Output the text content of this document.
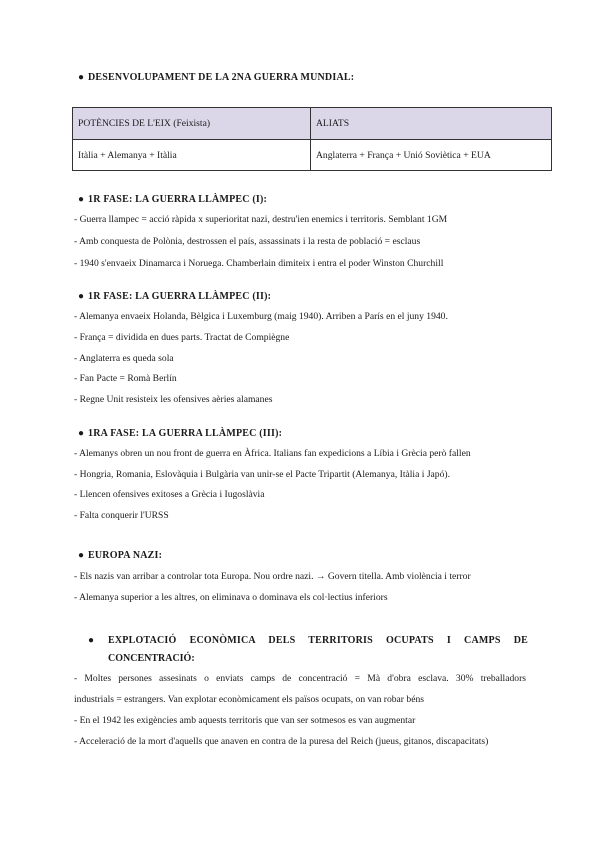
● DESENVOLUPAMENT DE LA 2NA GUERRA MUNDIAL:
POTÈNCIES DE L'EIX (Feixista)	ALIATS
Itàlia + Alemanya + Itàlia	Anglaterra + França + Unió Soviètica + EUA
● 1R FASE: LA GUERRA LLÀMPEC (I):
- Guerra llampec = acció ràpida x superioritat nazi, destru'ien enemics i territoris. Semblant 1GM
- Amb conquesta de Polònia, destrossen el país, assassinats i la resta de població = esclaus
- 1940 s'envaeix Dinamarca i Noruega. Chamberlain dimiteix i entra el poder Winston Churchill
● 1R FASE: LA GUERRA LLÀMPEC (II):
- Alemanya envaeix Holanda, Bèlgica i Luxemburg (maig 1940). Arriben a París en el juny 1940.
- França = dividida en dues parts. Tractat de Compiègne
- Anglaterra es queda sola
- Fan Pacte = Romà Berlín
- Regne Unit resisteix les ofensives aèries alamanes
● 1RA FASE: LA GUERRA LLÀMPEC (III):
- Alemanys obren un nou front de guerra en Àfrica. Italians fan expedicions a Líbia i Grècia però fallen
- Hongria, Romania, Eslovàquia i Bulgària van unir-se el Pacte Tripartit (Alemanya, Itàlia i Japó).
- Llencen ofensives exitoses a Grècia i Iugoslàvia
- Falta conquerir l'URSS
● EUROPA NAZI:
- Els nazis van arribar a controlar tota Europa. Nou ordre nazi. → Govern titella. Amb violència i terror
- Alemanya superior a les altres, on eliminava o dominava els col·lectius inferiors
● EXPLOTACIÓ ECONÒMICA DELS TERRITORIS OCUPATS I CAMPS DE
CONCENTRACIÓ:
- Moltes persones assesinats o enviats camps de concentració = Mà d'obra esclava. 30% treballadors
industrials = estrangers. Van explotar econòmicament els països ocupats, on van robar béns
- En el 1942 les exigències amb aquests territoris que van ser sotmesos es van augmentar
- Acceleració de la mort d'aquells que anaven en contra de la puresa del Reich (jueus, gitanos, discapacitats)
